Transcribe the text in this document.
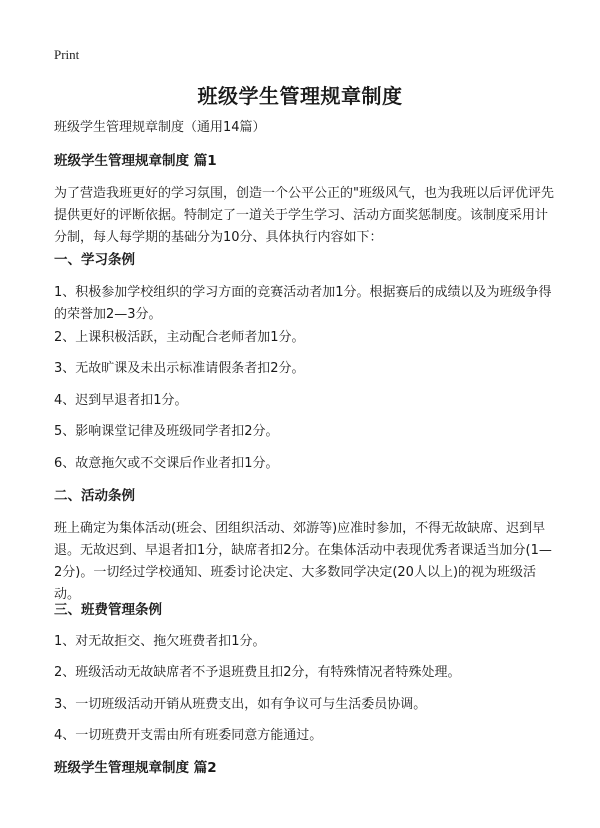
Print
班级学生管理规章制度
班级学生管理规章制度（通用14篇）
班级学生管理规章制度 篇1

为了营造我班更好的学习氛围，创造一个公平公正的"班级风气，也为我班以后评优评先提供更好的评断依据。特制定了一道关于学生学习、活动方面奖惩制度。该制度采用计分制，每人每学期的基础分为10分、具体执行内容如下：

一、学习条例
1、积极参加学校组织的学习方面的竞赛活动者加1分。根据赛后的成绩以及为班级争得的荣誉加2—3分。
2、上课积极活跃，主动配合老师者加1分。
3、无故旷课及未出示标准请假条者扣2分。
4、迟到早退者扣1分。
5、影响课堂记律及班级同学者扣2分。
6、故意拖欠或不交课后作业者扣1分。
二、活动条例

班上确定为集体活动(班会、团组织活动、郊游等)应准时参加，不得无故缺席、迟到早退。无故迟到、早退者扣1分，缺席者扣2分。在集体活动中表现优秀者课适当加分(1—2分)。一切经过学校通知、班委讨论决定、大多数同学决定(20人以上)的视为班级活动。

三、班费管理条例
1、对无故拒交、拖欠班费者扣1分。
2、班级活动无故缺席者不予退班费且扣2分，有特殊情况者特殊处理。
3、一切班级活动开销从班费支出，如有争议可与生活委员协调。
4、一切班费开支需由所有班委同意方能通过。
班级学生管理规章制度 篇2
